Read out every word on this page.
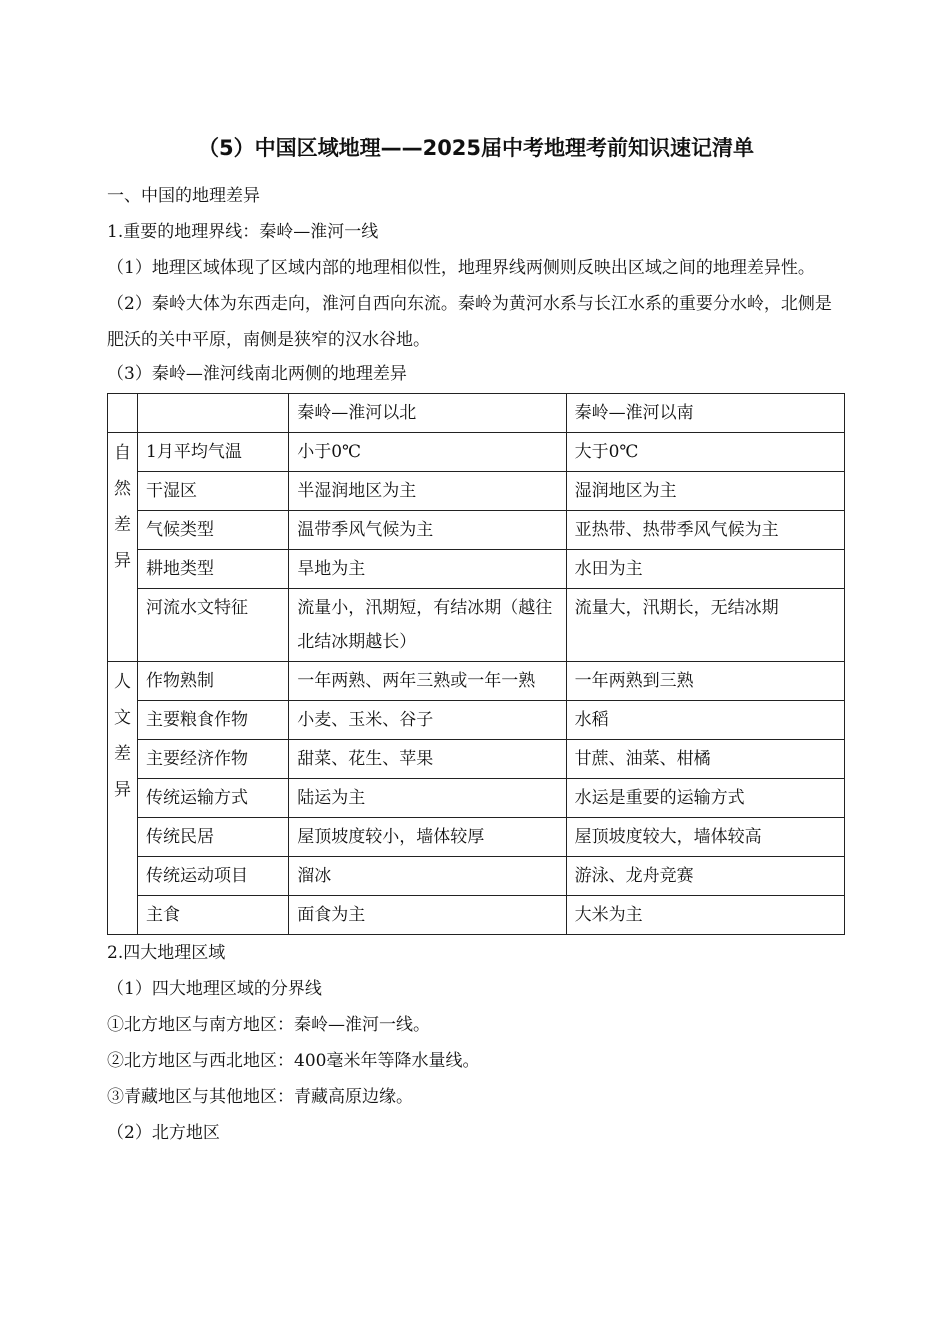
（5）中国区域地理——2025届中考地理考前知识速记清单

一、中国的地理差异

1.重要的地理界线：秦岭—淮河一线

（1）地理区域体现了区域内部的地理相似性，地理界线两侧则反映出区域之间的地理差异性。

（2）秦岭大体为东西走向，淮河自西向东流。秦岭为黄河水系与长江水系的重要分水岭，北侧是肥沃的关中平原，南侧是狭窄的汉水谷地。

（3）秦岭—淮河线南北两侧的地理差异

		秦岭—淮河以北	秦岭—淮河以南

自
然
差
异	1月平均气温	小于0℃	大于0℃
	干湿区	半湿润地区为主	湿润地区为主
	气候类型	温带季风气候为主	亚热带、热带季风气候为主
	耕地类型	旱地为主	水田为主
	河流水文特征	流量小，汛期短，有结冰期（越往北结冰期越长）	流量大，汛期长，无结冰期

人
文
差
异	作物熟制	一年两熟、两年三熟或一年一熟	一年两熟到三熟
	主要粮食作物	小麦、玉米、谷子	水稻
	主要经济作物	甜菜、花生、苹果	甘蔗、油菜、柑橘
	传统运输方式	陆运为主	水运是重要的运输方式
	传统民居	屋顶坡度较小，墙体较厚	屋顶坡度较大，墙体较高
	传统运动项目	溜冰	游泳、龙舟竞赛
	主食	面食为主	大米为主

2.四大地理区域

（1）四大地理区域的分界线

①北方地区与南方地区：秦岭—淮河一线。

②北方地区与西北地区：400毫米年等降水量线。

③青藏地区与其他地区：青藏高原边缘。

（2）北方地区
